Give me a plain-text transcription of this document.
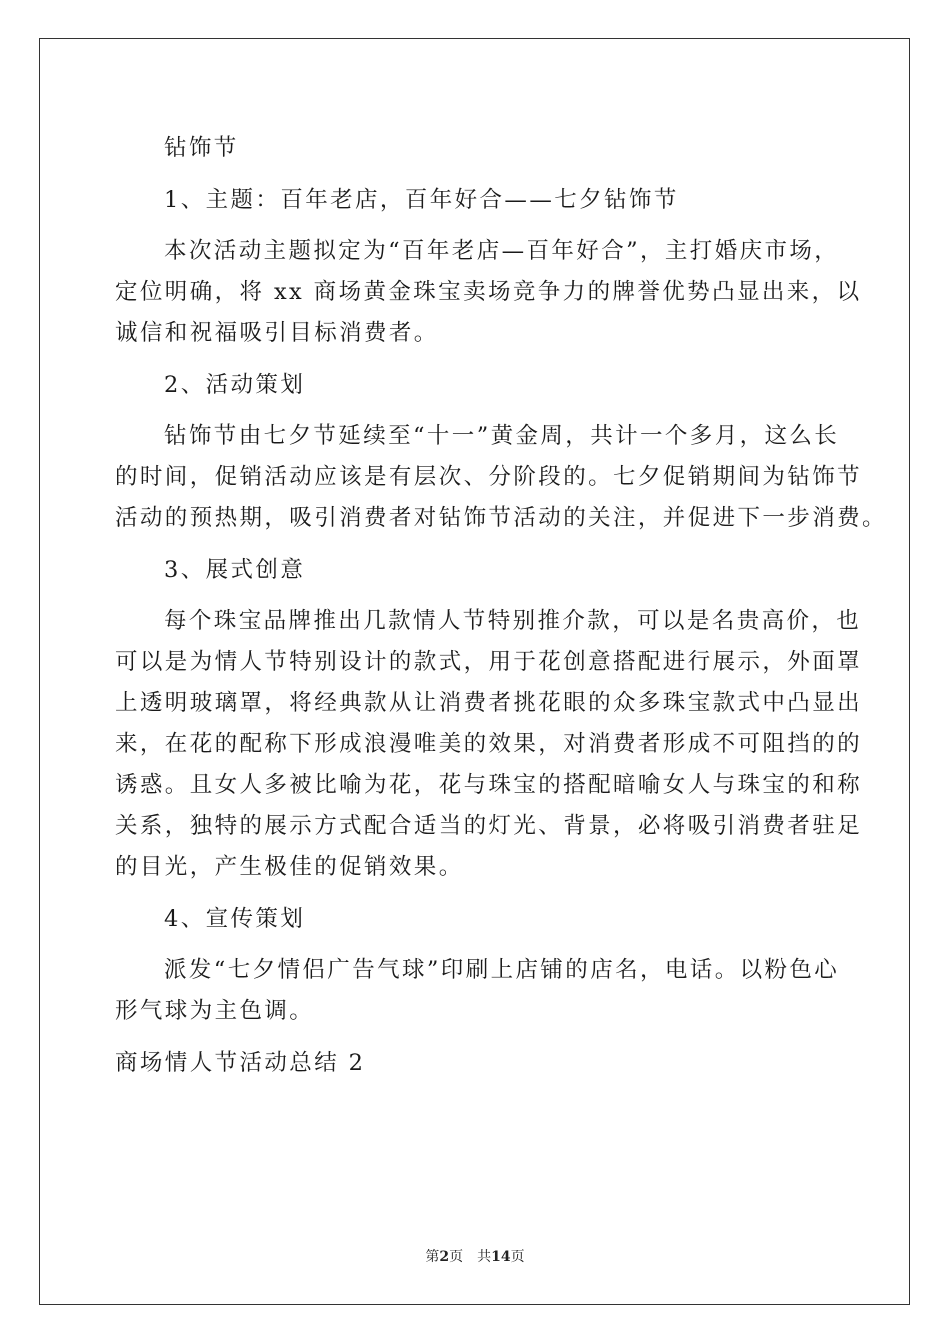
钻饰节
1、主题：百年老店，百年好合——七夕钻饰节
本次活动主题拟定为“百年老店—百年好合”，主打婚庆市场，
定位明确，将 xx 商场黄金珠宝卖场竞争力的牌誉优势凸显出来，以
诚信和祝福吸引目标消费者。
2、活动策划
钻饰节由七夕节延续至“十一”黄金周，共计一个多月，这么长
的时间，促销活动应该是有层次、分阶段的。七夕促销期间为钻饰节
活动的预热期，吸引消费者对钻饰节活动的关注，并促进下一步消费。
3、展式创意
每个珠宝品牌推出几款情人节特别推介款，可以是名贵高价，也
可以是为情人节特别设计的款式，用于花创意搭配进行展示，外面罩
上透明玻璃罩，将经典款从让消费者挑花眼的众多珠宝款式中凸显出
来，在花的配称下形成浪漫唯美的效果，对消费者形成不可阻挡的的
诱惑。且女人多被比喻为花，花与珠宝的搭配暗喻女人与珠宝的和称
关系，独特的展示方式配合适当的灯光、背景，必将吸引消费者驻足
的目光，产生极佳的促销效果。
4、宣传策划
派发“七夕情侣广告气球”印刷上店铺的店名，电话。以粉色心
形气球为主色调。
商场情人节活动总结 2
第2页 共14页
